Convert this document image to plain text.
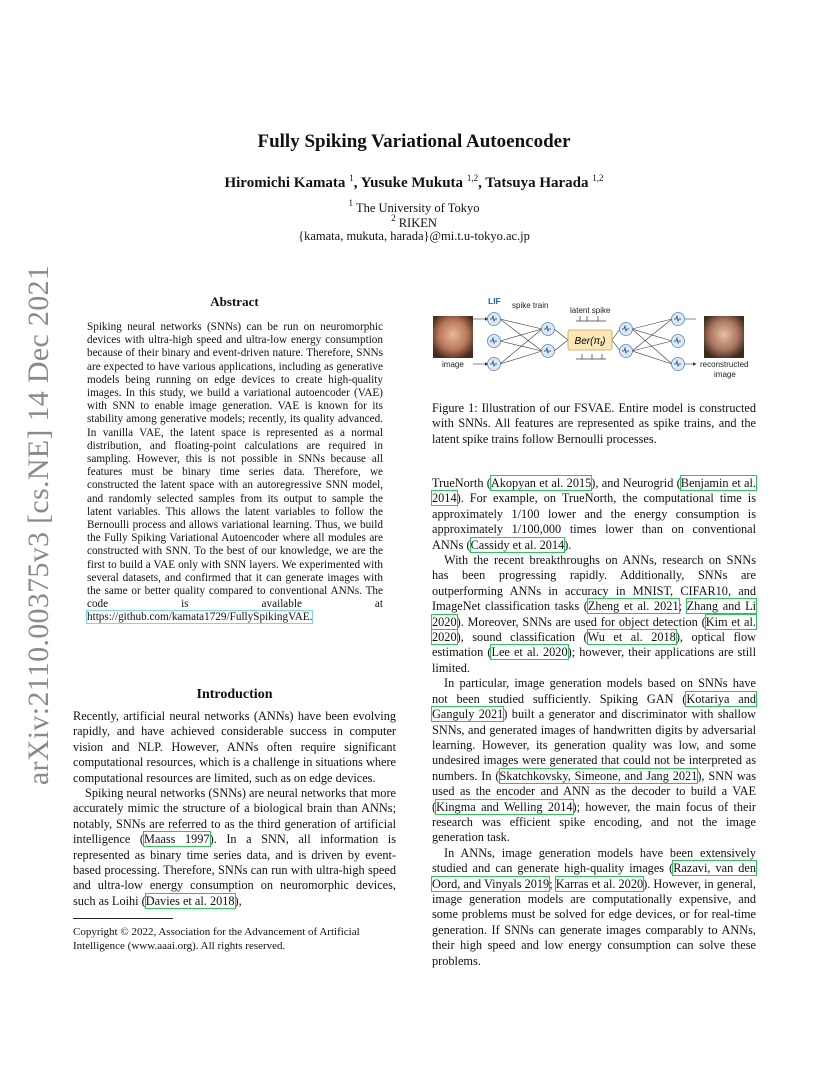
arXiv:2110.00375v3 [cs.NE] 14 Dec 2021
Fully Spiking Variational Autoencoder
Hiromichi Kamata $^1$, Yusuke Mukuta $^{1,2}$, Tatsuya Harada $^{1,2}$
$^1$ The University of Tokyo
$^2$ RIKEN
{kamata, mukuta, harada}@mi.t.u-tokyo.ac.jp
Abstract
Spiking neural networks (SNNs) can be run on neuromorphic devices with ultra-high speed and ultra-low energy consumption because of their binary and event-driven nature. Therefore, SNNs are expected to have various applications, including as generative models being running on edge devices to create high-quality images. In this study, we build a variational autoencoder (VAE) with SNN to enable image generation. VAE is known for its stability among generative models; recently, its quality advanced. In vanilla VAE, the latent space is represented as a normal distribution, and floating-point calculations are required in sampling. However, this is not possible in SNNs because all features must be binary time series data. Therefore, we constructed the latent space with an autoregressive SNN model, and randomly selected samples from its output to sample the latent variables. This allows the latent variables to follow the Bernoulli process and allows variational learning. Thus, we build the Fully Spiking Variational Autoencoder where all modules are constructed with SNN. To the best of our knowledge, we are the first to build a VAE only with SNN layers. We experimented with several datasets, and confirmed that it can generate images with the same or better quality compared to conventional ANNs. The code is available at https://github.com/kamata1729/FullySpikingVAE.
Introduction

Recently, artificial neural networks (ANNs) have been evolving rapidly, and have achieved considerable success in computer vision and NLP. However, ANNs often require significant computational resources, which is a challenge in situations where computational resources are limited, such as on edge devices.

Spiking neural networks (SNNs) are neural networks that more accurately mimic the structure of a biological brain than ANNs; notably, SNNs are referred to as the third generation of artificial intelligence (Maass 1997). In a SNN, all information is represented as binary time series data, and is driven by event-based processing. Therefore, SNNs can run with ultra-high speed and ultra-low energy consumption on neuromorphic devices, such as Loihi (Davies et al. 2018),

Copyright © 2022, Association for the Advancement of Artificial Intelligence (www.aaai.org). All rights reserved.
image
LIF spike train
latent spike
$Ber(\pi_t)$
reconstructed
image
Figure 1: Illustration of our FSVAE. Entire model is constructed with SNNs. All features are represented as spike trains, and the latent spike trains follow Bernoulli processes.

TrueNorth (Akopyan et al. 2015), and Neurogrid (Benjamin et al. 2014). For example, on TrueNorth, the computational time is approximately 1/100 lower and the energy consumption is approximately 1/100,000 times lower than on conventional ANNs (Cassidy et al. 2014).

With the recent breakthroughs on ANNs, research on SNNs has been progressing rapidly. Additionally, SNNs are outperforming ANNs in accuracy in MNIST, CIFAR10, and ImageNet classification tasks (Zheng et al. 2021; Zhang and Li 2020). Moreover, SNNs are used for object detection (Kim et al. 2020), sound classification (Wu et al. 2018), optical flow estimation (Lee et al. 2020); however, their applications are still limited.

In particular, image generation models based on SNNs have not been studied sufficiently. Spiking GAN (Kotariya and Ganguly 2021) built a generator and discriminator with shallow SNNs, and generated images of handwritten digits by adversarial learning. However, its generation quality was low, and some undesired images were generated that could not be interpreted as numbers. In (Skatchkovsky, Simeone, and Jang 2021), SNN was used as the encoder and ANN as the decoder to build a VAE (Kingma and Welling 2014); however, the main focus of their research was efficient spike encoding, and not the image generation task.

In ANNs, image generation models have been extensively studied and can generate high-quality images (Razavi, van den Oord, and Vinyals 2019; Karras et al. 2020). However, in general, image generation models are computationally expensive, and some problems must be solved for edge devices, or for real-time generation. If SNNs can generate images comparably to ANNs, their high speed and low energy consumption can solve these problems.
